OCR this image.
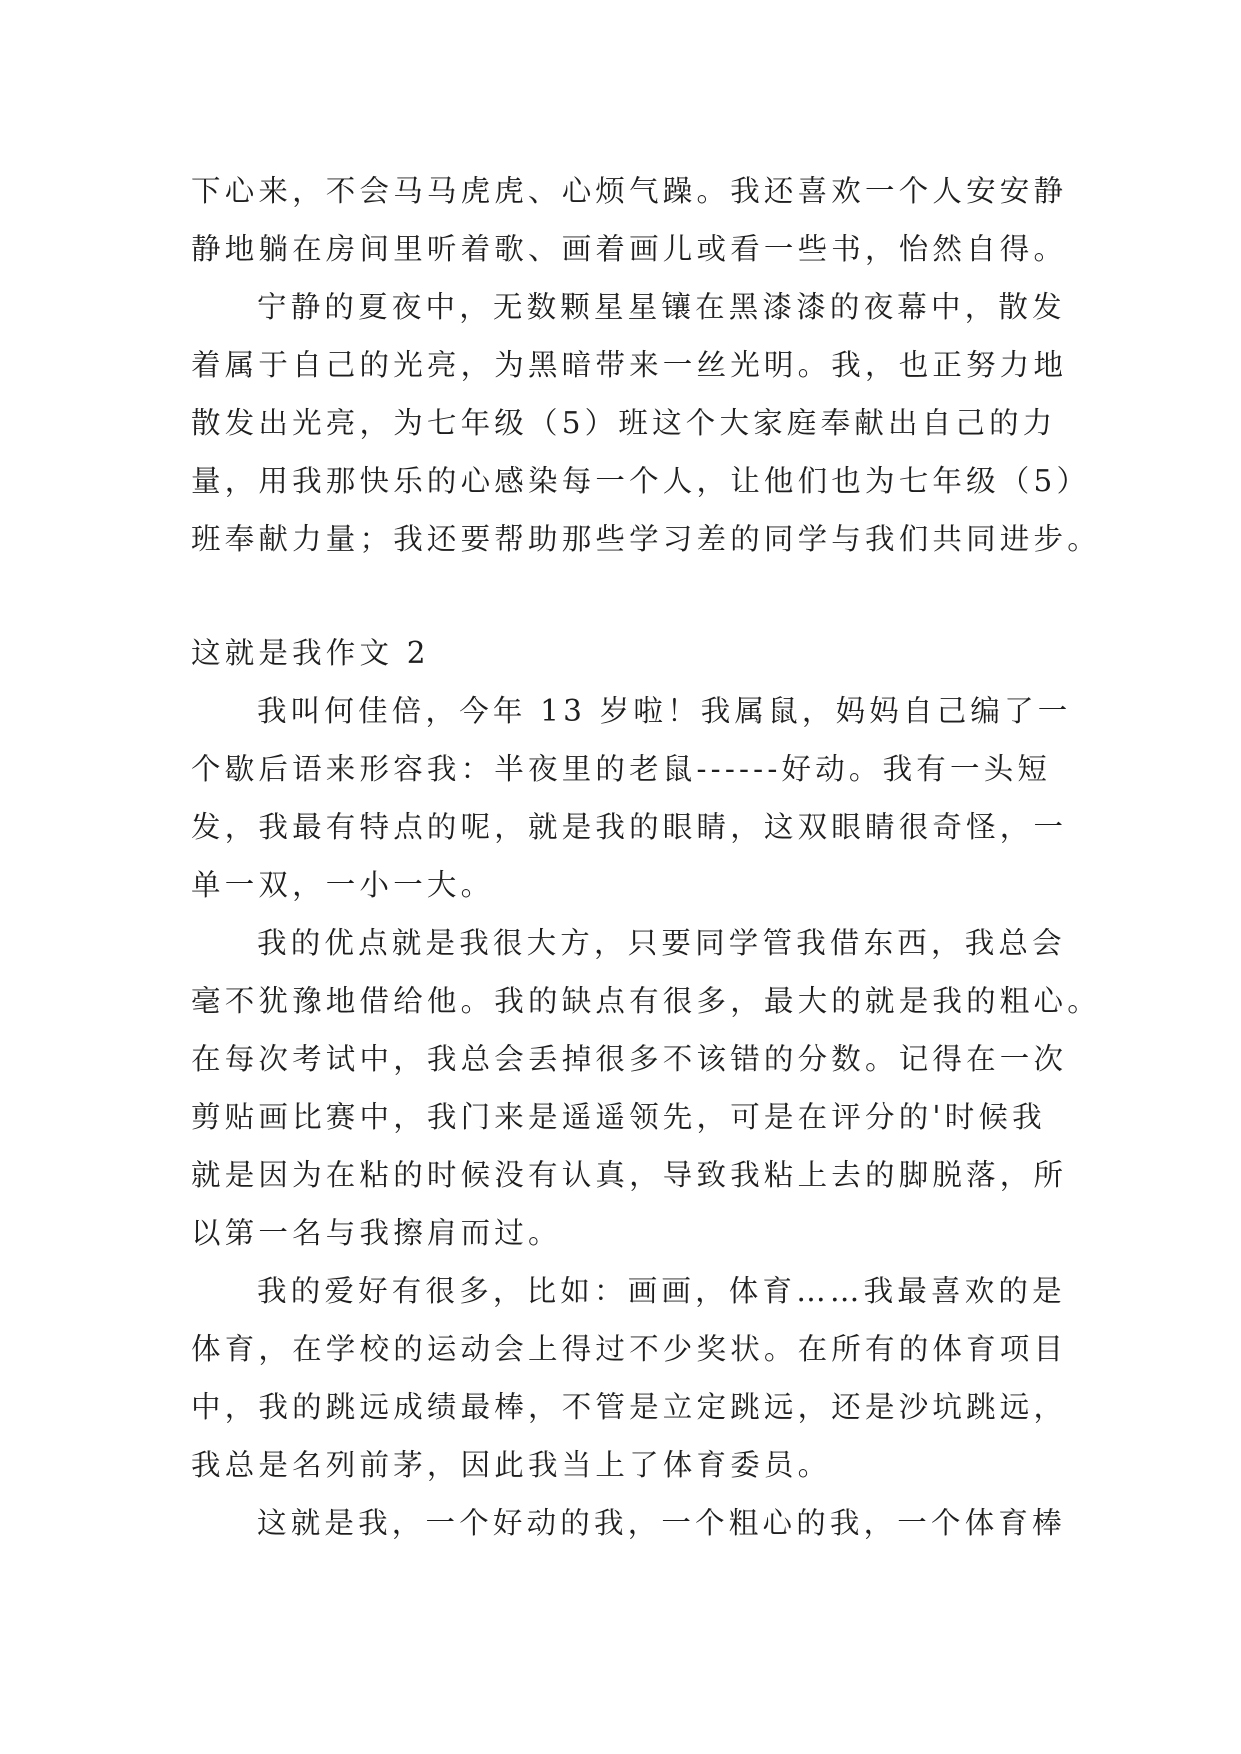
下心来，不会马马虎虎、心烦气躁。我还喜欢一个人安安静
静地躺在房间里听着歌、画着画儿或看一些书，怡然自得。
宁静的夏夜中，无数颗星星镶在黑漆漆的夜幕中，散发
着属于自己的光亮，为黑暗带来一丝光明。我，也正努力地
散发出光亮，为七年级（5）班这个大家庭奉献出自己的力
量，用我那快乐的心感染每一个人，让他们也为七年级（5）
班奉献力量；我还要帮助那些学习差的同学与我们共同进步。
这就是我作文 2
我叫何佳倍，今年 13 岁啦！我属鼠，妈妈自己编了一
个歇后语来形容我：半夜里的老鼠------好动。我有一头短
发，我最有特点的呢，就是我的眼睛，这双眼睛很奇怪，一
单一双，一小一大。
我的优点就是我很大方，只要同学管我借东西，我总会
毫不犹豫地借给他。我的缺点有很多，最大的就是我的粗心。
在每次考试中，我总会丢掉很多不该错的分数。记得在一次
剪贴画比赛中，我门来是遥遥领先，可是在评分的'时候我
就是因为在粘的时候没有认真，导致我粘上去的脚脱落，所
以第一名与我擦肩而过。
我的爱好有很多，比如：画画，体育……我最喜欢的是
体育，在学校的运动会上得过不少奖状。在所有的体育项目
中，我的跳远成绩最棒，不管是立定跳远，还是沙坑跳远，
我总是名列前茅，因此我当上了体育委员。
这就是我，一个好动的我，一个粗心的我，一个体育棒
